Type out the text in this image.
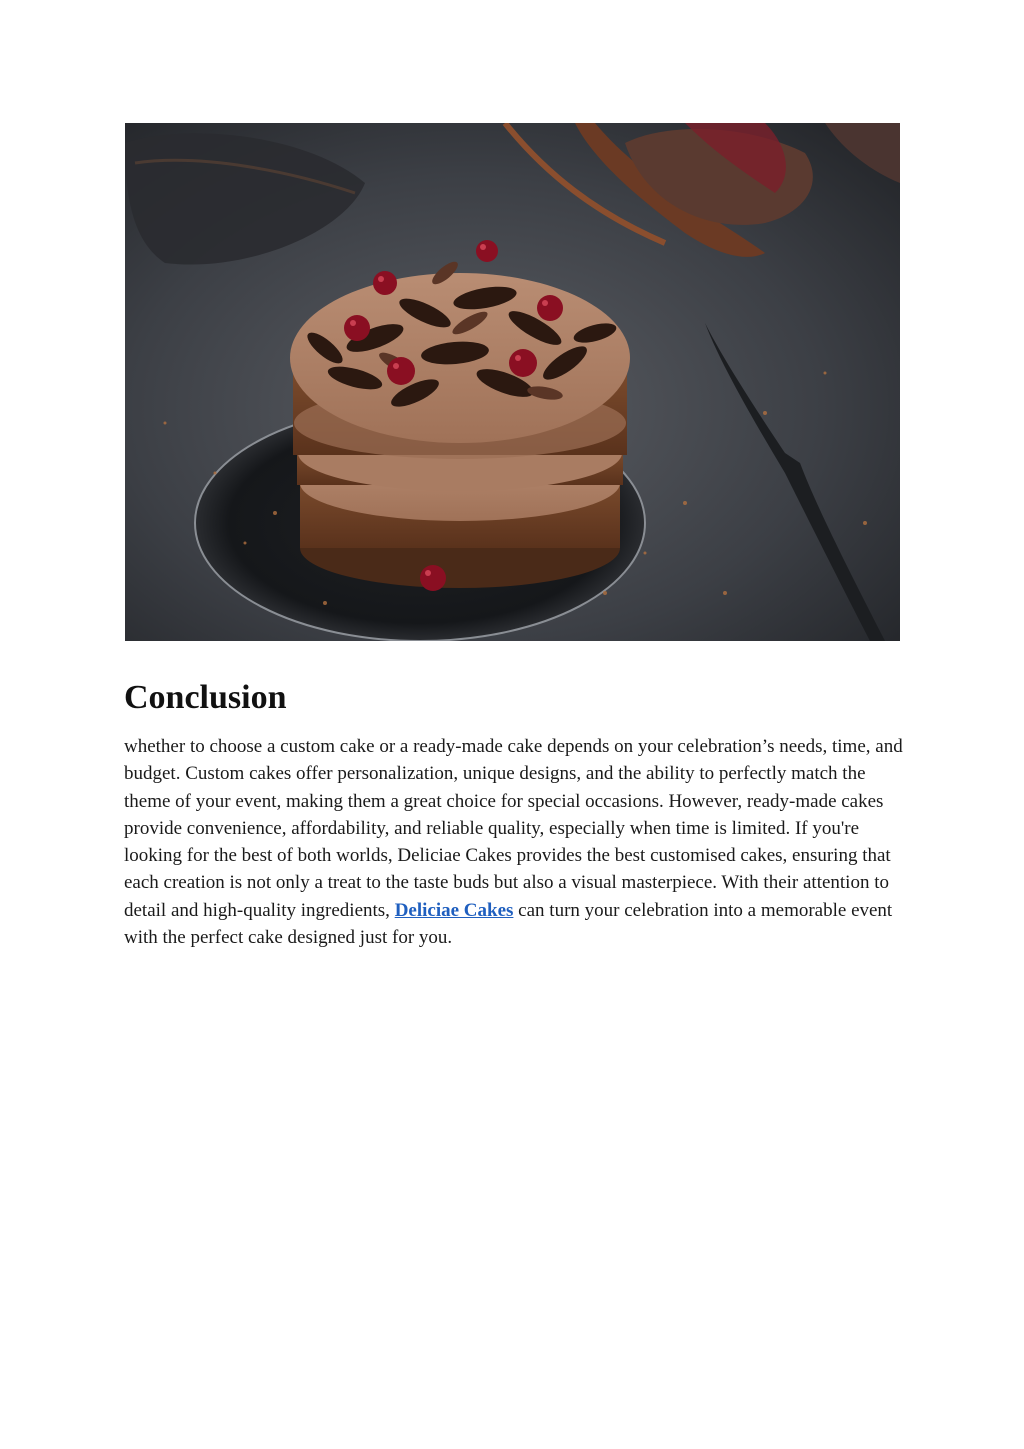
Conclusion

whether to choose a custom cake or a ready-made cake depends on your celebration’s needs, time, and budget. Custom cakes offer personalization, unique designs, and the ability to perfectly match the theme of your event, making them a great choice for special occasions. However, ready-made cakes provide convenience, affordability, and reliable quality, especially when time is limited. If you're looking for the best of both worlds, Deliciae Cakes provides the best customised cakes, ensuring that each creation is not only a treat to the taste buds but also a visual masterpiece. With their attention to detail and high-quality ingredients, Deliciae Cakes can turn your celebration into a memorable event with the perfect cake designed just for you.
